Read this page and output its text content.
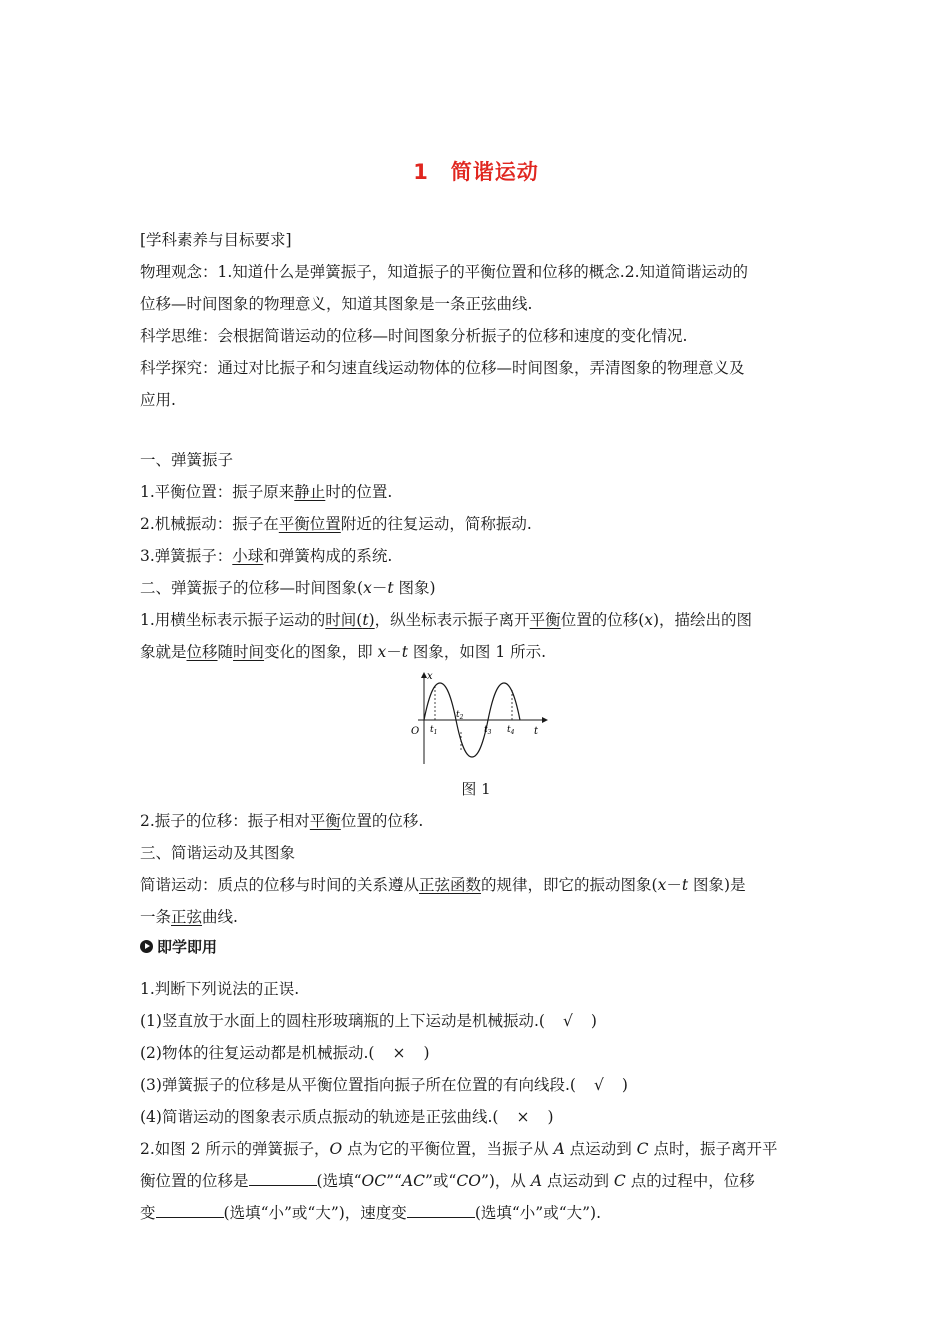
1　简谐运动
[学科素养与目标要求]
物理观念：1.知道什么是弹簧振子，知道振子的平衡位置和位移的概念.2.知道简谐运动的
位移—时间图象的物理意义，知道其图象是一条正弦曲线.
科学思维：会根据简谐运动的位移—时间图象分析振子的位移和速度的变化情况.
科学探究：通过对比振子和匀速直线运动物体的位移—时间图象，弄清图象的物理意义及
应用.
一、弹簧振子
1.平衡位置：振子原来静止时的位置.
2.机械振动：振子在平衡位置附近的往复运动，简称振动.
3.弹簧振子：小球和弹簧构成的系统.
二、弹簧振子的位移—时间图象(x－t 图象)
1.用横坐标表示振子运动的时间(t)，纵坐标表示振子离开平衡位置的位移(x)，描绘出的图
象就是位移随时间变化的图象，即 x－t 图象，如图 1 所示.
x
O	t
$t_1$
$t_2$
$t_3$ $t_4$
图 1
2.振子的位移：振子相对平衡位置的位移.
三、简谐运动及其图象
简谐运动：质点的位移与时间的关系遵从正弦函数的规律，即它的振动图象(x－t 图象)是
一条正弦曲线.
即学即用
1.判断下列说法的正误.
(1)竖直放于水面上的圆柱形玻璃瓶的上下运动是机械振动.( √ )
(2)物体的往复运动都是机械振动.( × )
(3)弹簧振子的位移是从平衡位置指向振子所在位置的有向线段.( √ )
(4)简谐运动的图象表示质点振动的轨迹是正弦曲线.( × )
2.如图 2 所示的弹簧振子，O 点为它的平衡位置，当振子从 A 点运动到 C 点时，振子离开平
衡位置的位移是	(选填“OC”“AC”或“CO”)，从 A 点运动到 C 点的过程中，位移
变	(选填“小”或“大”)，速度变	(选填“小”或“大”).
